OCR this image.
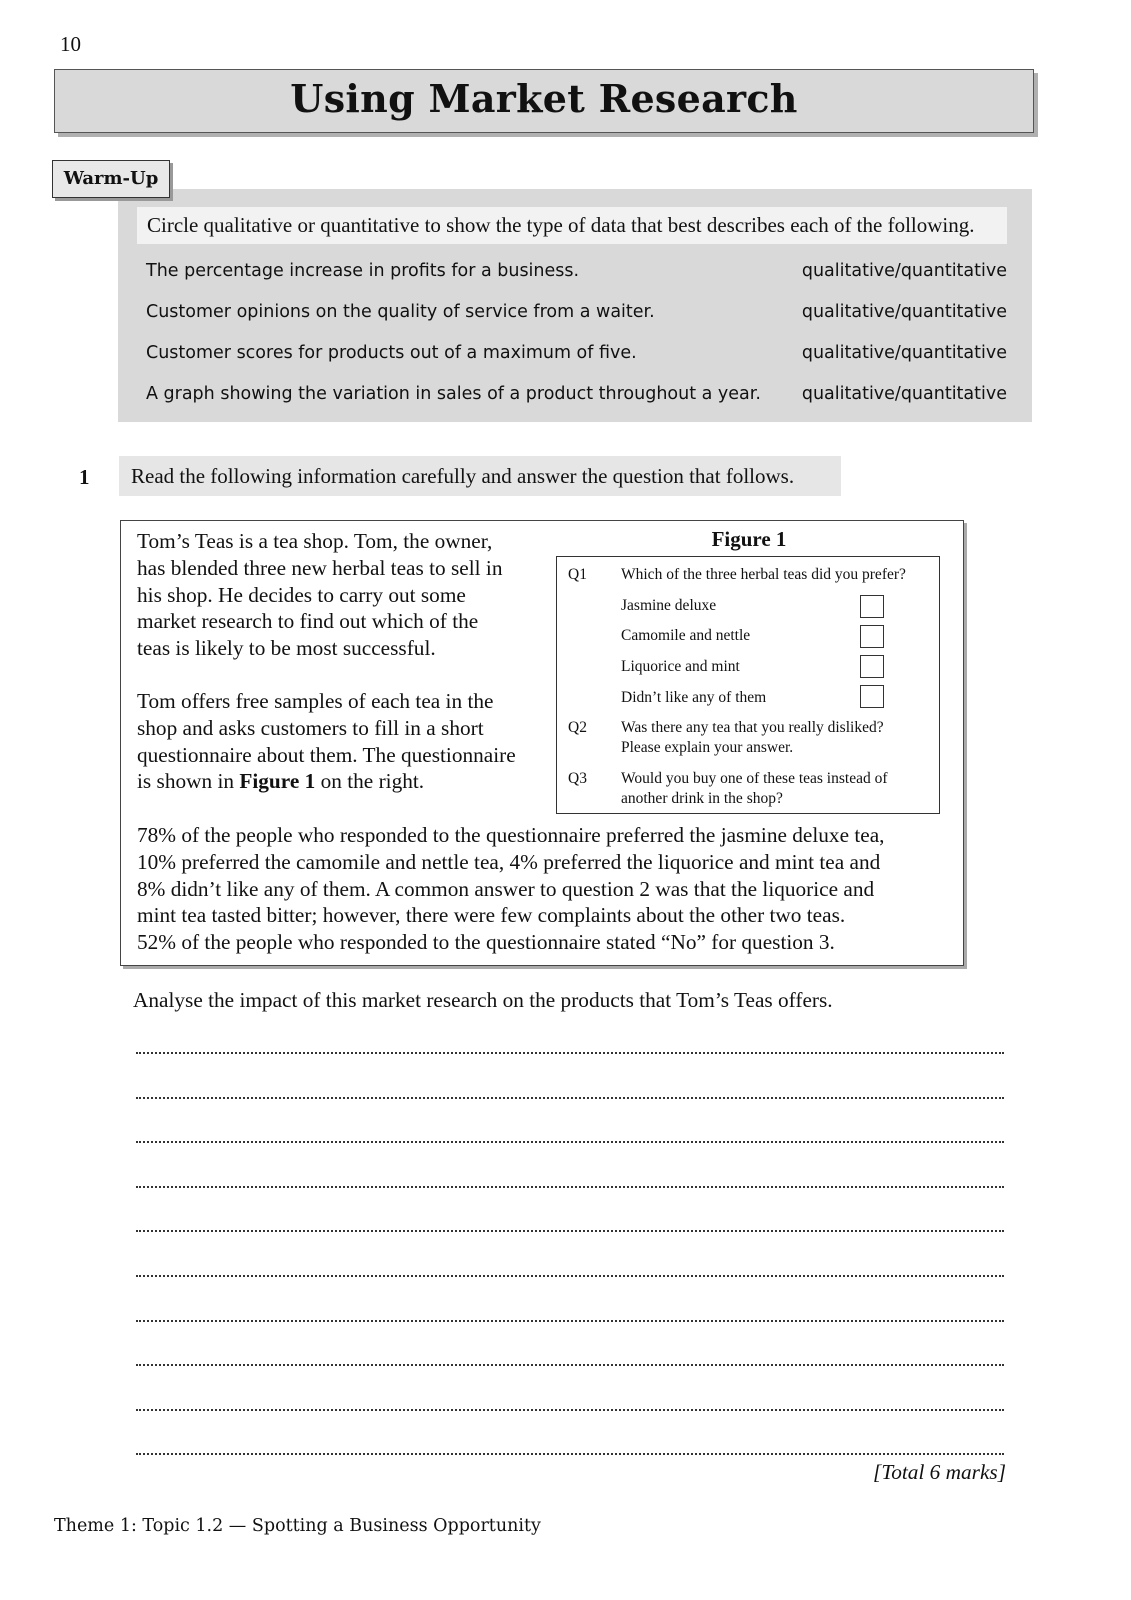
10
Using Market Research
Warm-Up
Circle qualitative or quantitative to show the type of data that best describes each of the following.
The percentage increase in profits for a business.	qualitative/quantitative
Customer opinions on the quality of service from a waiter.	qualitative/quantitative
Customer scores for products out of a maximum of five.	qualitative/quantitative
A graph showing the variation in sales of a product throughout a year. qualitative/quantitative
1	Read the following information carefully and answer the question that follows.
Tom’s Teas is a tea shop. Tom, the owner,
has blended three new herbal teas to sell in
his shop. He decides to carry out some
market research to find out which of the
teas is likely to be most successful.
Tom offers free samples of each tea in the
shop and asks customers to fill in a short
questionnaire about them. The questionnaire
is shown in Figure 1 on the right.
Figure 1
Q1 Which of the three herbal teas did you prefer?
Jasmine deluxe
Camomile and nettle
Liquorice and mint
Didn’t like any of them
Q2 Was there any tea that you really disliked?
Please explain your answer.
Q3 Would you buy one of these teas instead of
another drink in the shop?
78% of the people who responded to the questionnaire preferred the jasmine deluxe tea,
10% preferred the camomile and nettle tea, 4% preferred the liquorice and mint tea and
8% didn’t like any of them. A common answer to question 2 was that the liquorice and
mint tea tasted bitter; however, there were few complaints about the other two teas.
52% of the people who responded to the questionnaire stated “No” for question 3.
Analyse the impact of this market research on the products that Tom’s Teas offers.
[Total 6 marks]
Theme 1: Topic 1.2 — Spotting a Business Opportunity
